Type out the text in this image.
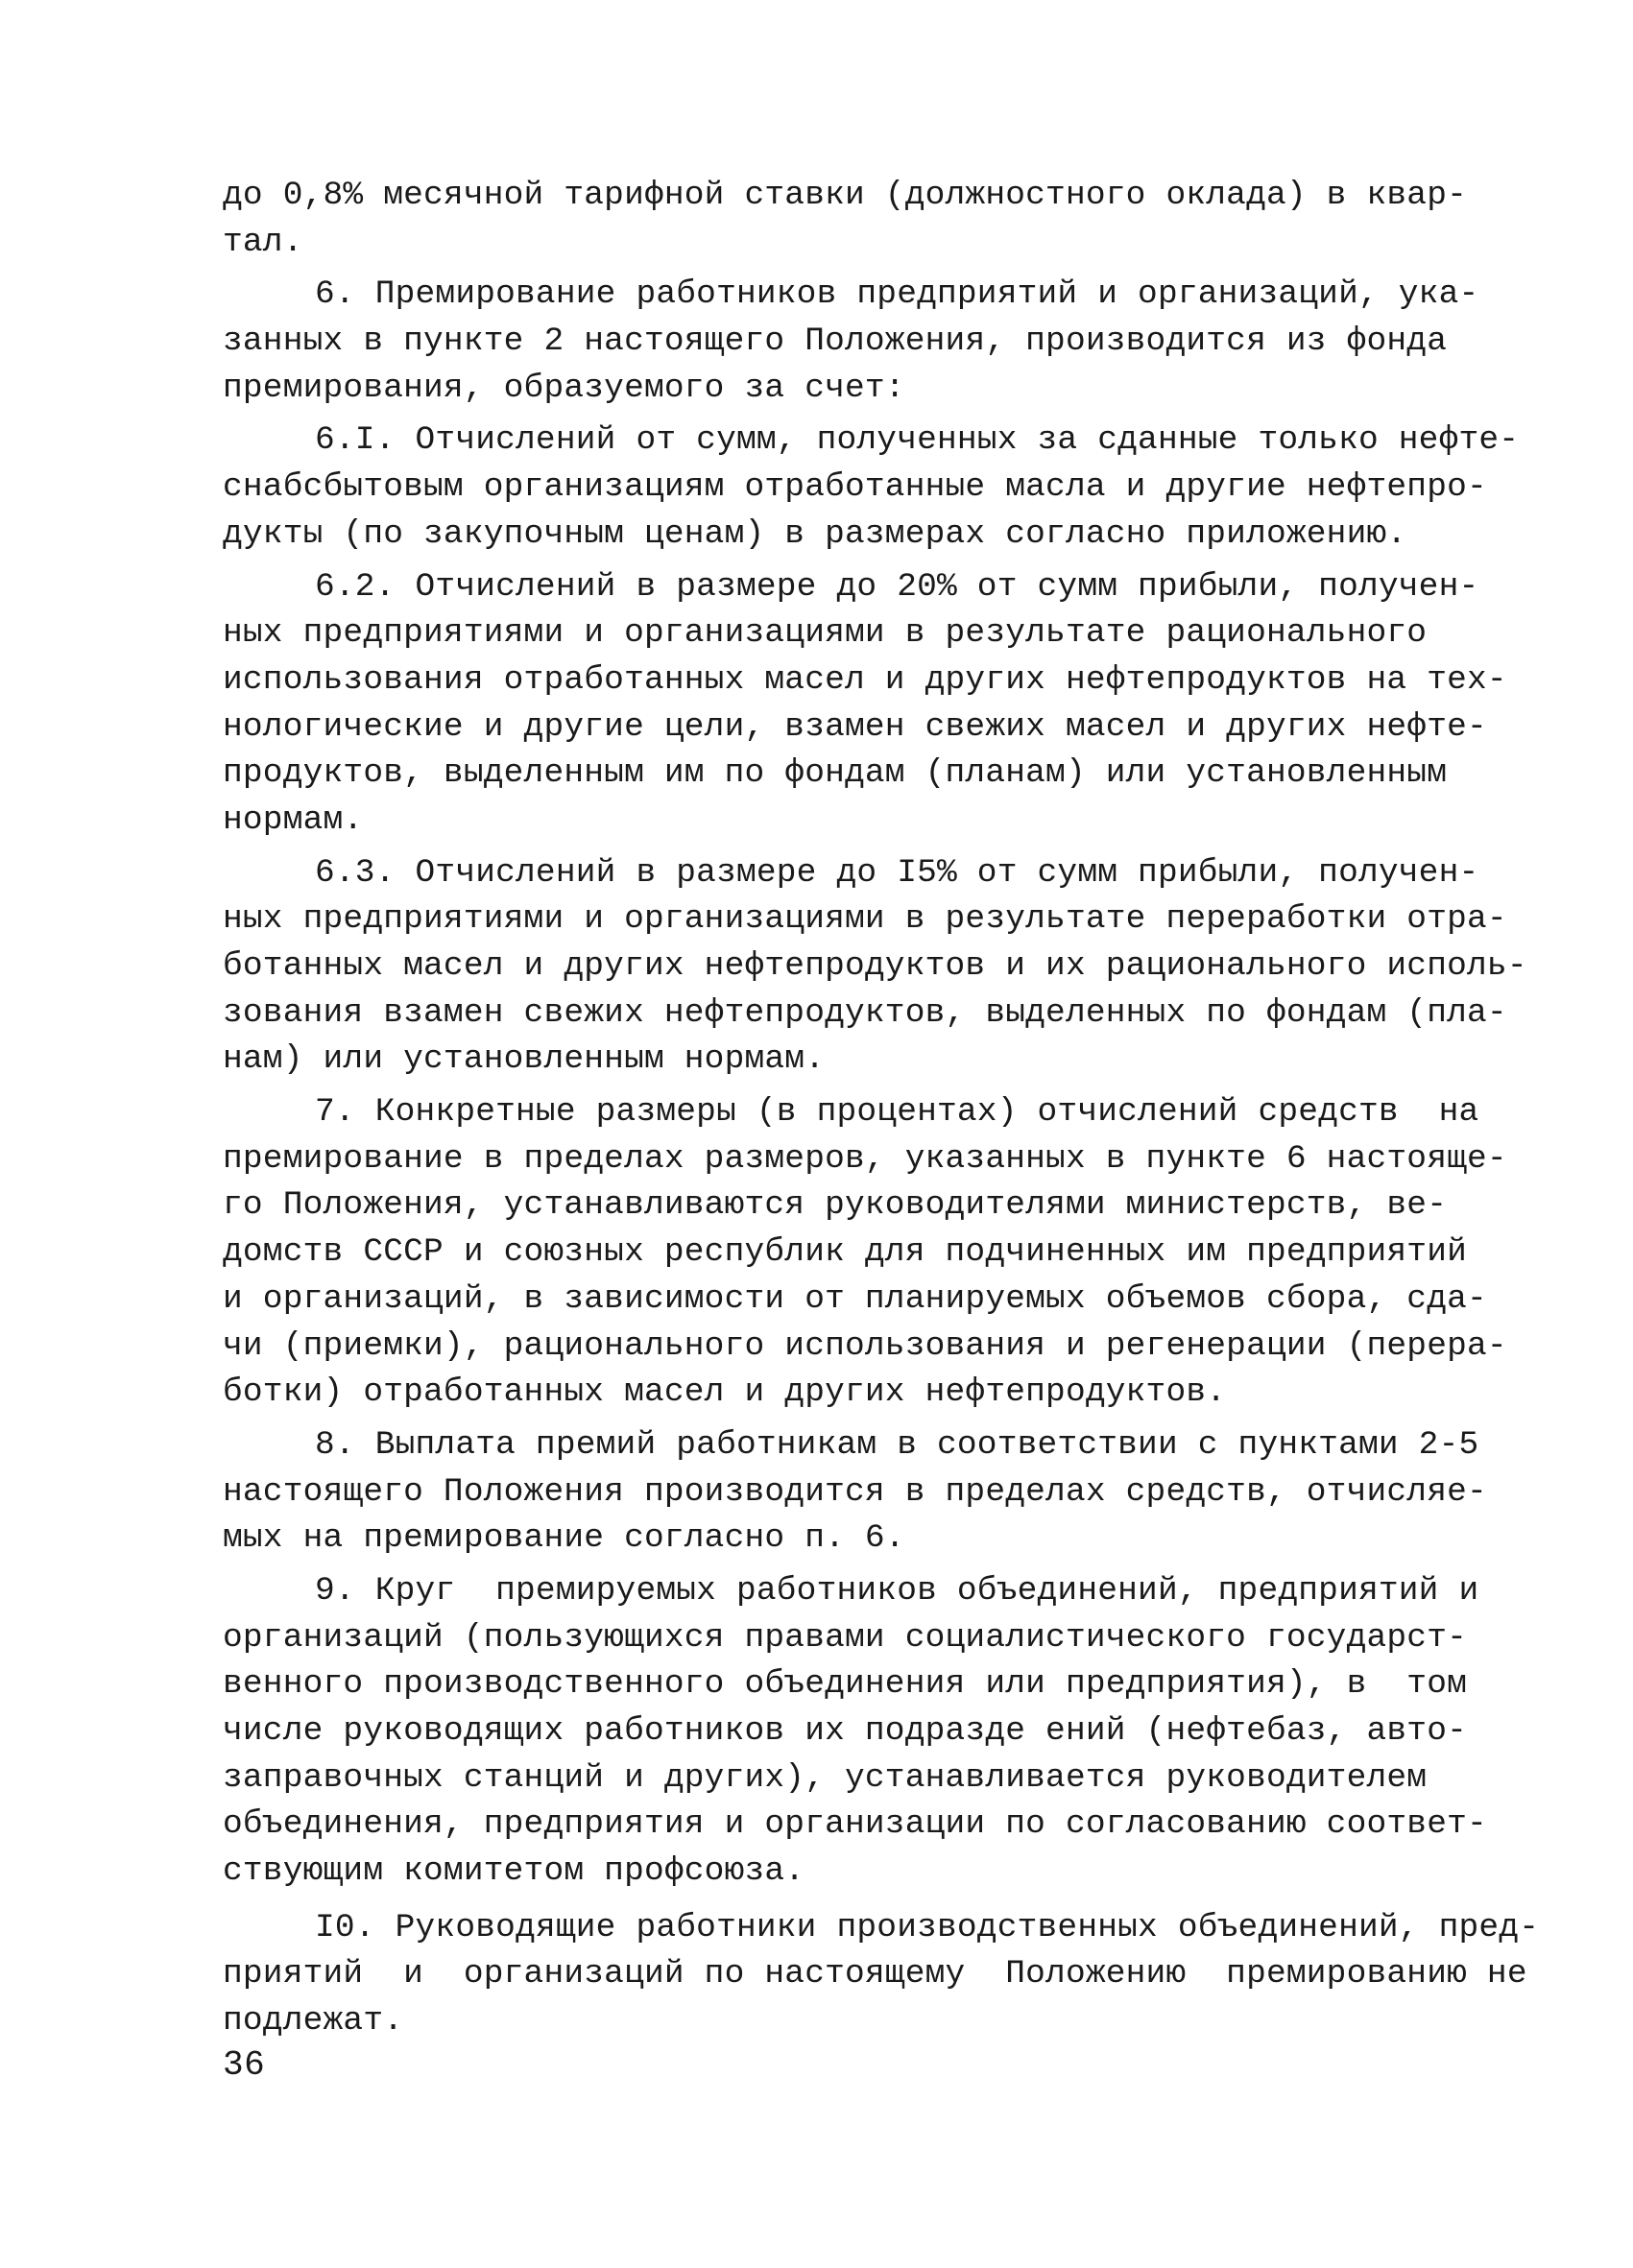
до 0,8% месячной тарифной ставки (должностного оклада) в квар-
тал.
6. Премирование работников предприятий и организаций, ука-
занных в пункте 2 настоящего Положения, производится из фонда
премирования, образуемого за счет:
6.I. Отчислений от сумм, полученных за сданные только нефте-
снабсбытовым организациям отработанные масла и другие нефтепро-
дукты (по закупочным ценам) в размерах согласно приложению.
6.2. Отчислений в размере до 20% от сумм прибыли, получен-
ных предприятиями и организациями в результате рационального
использования отработанных масел и других нефтепродуктов на тех-
нологические и другие цели, взамен свежих масел и других нефте-
продуктов, выделенным им по фондам (планам) или установленным
нормам.
6.3. Отчислений в размере до I5% от сумм прибыли, получен-
ных предприятиями и организациями в результате переработки отра-
ботанных масел и других нефтепродуктов и их рационального исполь-
зования взамен свежих нефтепродуктов, выделенных по фондам (пла-
нам) или установленным нормам.
7. Конкретные размеры (в процентах) отчислений средств  на
премирование в пределах размеров, указанных в пункте 6 настояще-
го Положения, устанавливаются руководителями министерств, ве-
домств СССР и союзных республик для подчиненных им предприятий
и организаций, в зависимости от планируемых объемов сбора, сда-
чи (приемки), рационального использования и регенерации (перера-
ботки) отработанных масел и других нефтепродуктов.
8. Выплата премий работникам в соответствии с пунктами 2-5
настоящего Положения производится в пределах средств, отчисляе-
мых на премирование согласно п. 6.
9. Круг  премируемых работников объединений, предприятий и
организаций (пользующихся правами социалистического государст-
венного производственного объединения или предприятия), в  том
числе руководящих работников их подразде ений (нефтебаз, авто-
заправочных станций и других), устанавливается руководителем
объединения, предприятия и организации по согласованию соответ-
ствующим комитетом профсоюза.
I0. Руководящие работники производственных объединений, пред-
приятий  и  организаций по настоящему  Положению  премированию не
подлежат.
36
